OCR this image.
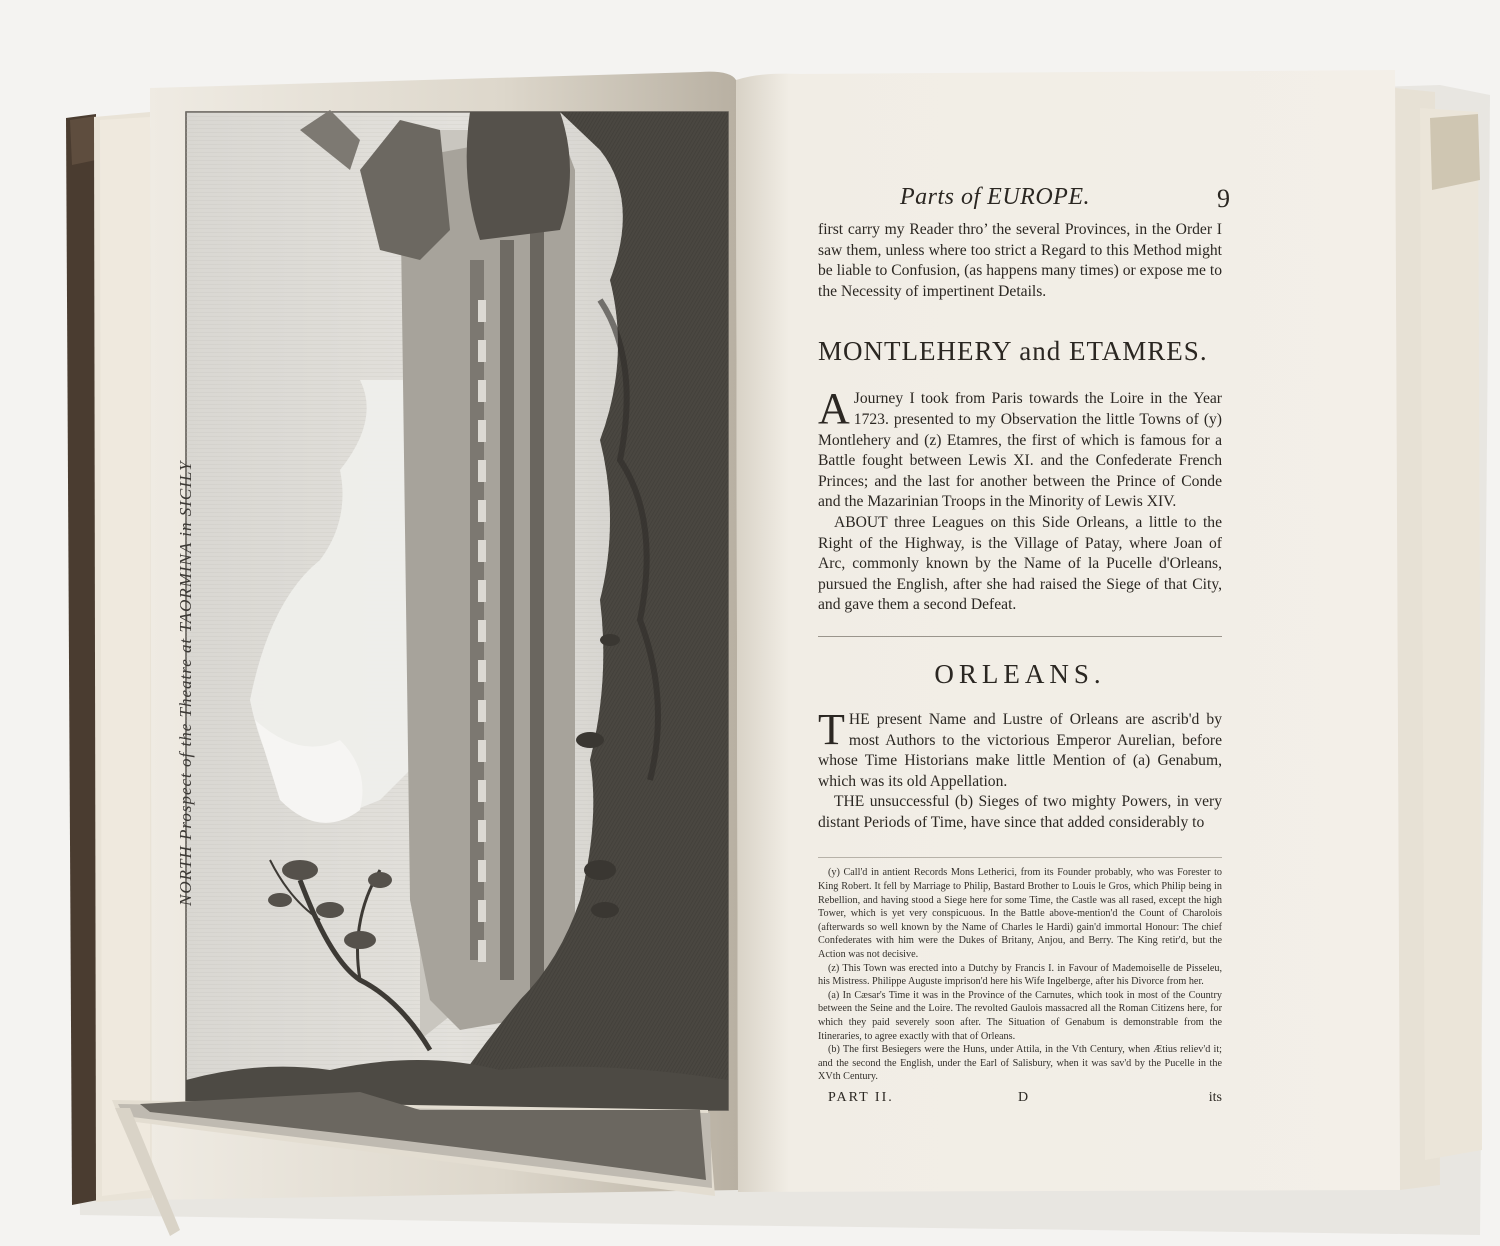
NORTH Prospect of the Theatre at TAORMINA in SICILY
Parts of EUROPE.	9

first carry my Reader thro’ the several Provinces, in the Order I saw them, unless where too strict a Regard to this Method might be liable to Confusion, (as happens many times) or expose me to the Necessity of impertinent Details.

MONTLEHERY and ETAMRES.

AJourney I took from Paris towards the Loire in the Year 1723. presented to my Observation the little Towns of (y) Montlehery and (z) Etamres, the first of which is famous for a Battle fought between Lewis XI. and the Confederate French Princes; and the last for another between the Prince of Conde and the Mazarinian Troops in the Minority of Lewis XIV.

ABOUT three Leagues on this Side Orleans, a little to the Right of the Highway, is the Village of Patay, where Joan of Arc, commonly known by the Name of la Pucelle d'Orleans, pursued the English, after she had raised the Siege of that City, and gave them a second Defeat.

ORLEANS.

THE present Name and Lustre of Orleans are ascrib'd by most Authors to the victorious Emperor Aurelian, before whose Time Historians make little Mention of (a) Genabum, which was its old Appellation.

THE unsuccessful (b) Sieges of two mighty Powers, in very distant Periods of Time, have since that added considerably to

(y) Call'd in antient Records Mons Letherici, from its Founder probably, who was Forester to King Robert. It fell by Marriage to Philip, Bastard Brother to Louis le Gros, which Philip being in Rebellion, and having stood a Siege here for some Time, the Castle was all rased, except the high Tower, which is yet very conspicuous. In the Battle above-mention'd the Count of Charolois (afterwards so well known by the Name of Charles le Hardi) gain'd immortal Honour: The chief Confederates with him were the Dukes of Britany, Anjou, and Berry. The King retir'd, but the Action was not decisive.

(z) This Town was erected into a Dutchy by Francis I. in Favour of Mademoiselle de Pisseleu, his Mistress. Philippe Auguste imprison'd here his Wife Ingelberge, after his Divorce from her.

(a) In Cæsar's Time it was in the Province of the Carnutes, which took in most of the Country between the Seine and the Loire. The revolted Gaulois massacred all the Roman Citizens here, for which they paid severely soon after. The Situation of Genabum is demonstrable from the Itineraries, to agree exactly with that of Orleans.

(b) The first Besiegers were the Huns, under Attila, in the Vth Century, when Ætius reliev'd it; and the second the English, under the Earl of Salisbury, when it was sav'd by the Pucelle in the XVth Century.

PART II.	D	its
